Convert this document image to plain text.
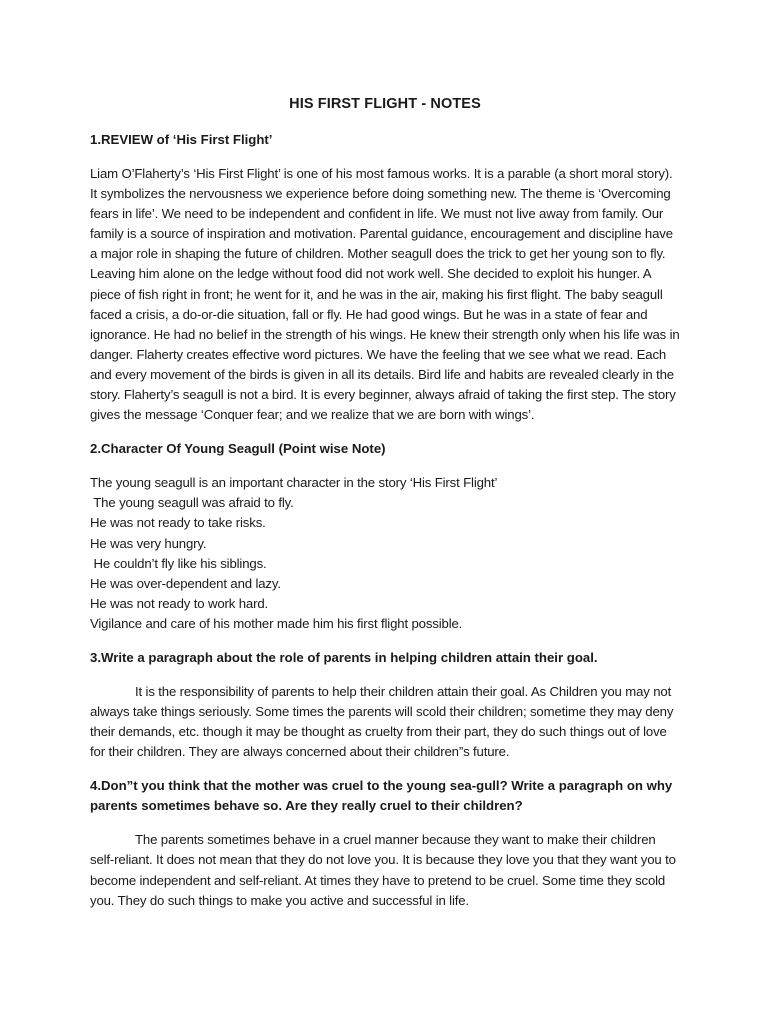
HIS FIRST FLIGHT - NOTES
1.REVIEW of ‘His First Flight’
Liam O’Flaherty’s ‘His First Flight’ is one of his most famous works. It is a parable (a short moral story). It symbolizes the nervousness we experience before doing something new. The theme is ‘Overcoming fears in life’. We need to be independent and confident in life. We must not live away from family. Our family is a source of inspiration and motivation. Parental guidance, encouragement and discipline have a major role in shaping the future of children. Mother seagull does the trick to get her young son to fly. Leaving him alone on the ledge without food did not work well. She decided to exploit his hunger. A piece of fish right in front; he went for it, and he was in the air, making his first flight. The baby seagull faced a crisis, a do-or-die situation, fall or fly. He had good wings. But he was in a state of fear and ignorance. He had no belief in the strength of his wings. He knew their strength only when his life was in danger. Flaherty creates effective word pictures. We have the feeling that we see what we read. Each and every movement of the birds is given in all its details. Bird life and habits are revealed clearly in the story. Flaherty’s seagull is not a bird. It is every beginner, always afraid of taking the first step. The story gives the message ‘Conquer fear; and we realize that we are born with wings’.
2.Character Of Young Seagull (Point wise Note)
The young seagull is an important character in the story ‘His First Flight’
The young seagull was afraid to fly.
He was not ready to take risks.
He was very hungry.
He couldn’t fly like his siblings.
He was over-dependent and lazy.
He was not ready to work hard.
Vigilance and care of his mother made him his first flight possible.
3.Write a paragraph about the role of parents in helping children attain their goal.
It is the responsibility of parents to help their children attain their goal. As Children you may not always take things seriously. Some times the parents will scold their children; sometime they may deny their demands, etc. though it may be thought as cruelty from their part, they do such things out of love for their children. They are always concerned about their children”s future.
4.Don”t you think that the mother was cruel to the young sea-gull? Write a paragraph on why parents sometimes behave so. Are they really cruel to their children?
The parents sometimes behave in a cruel manner because they want to make their children self-reliant. It does not mean that they do not love you. It is because they love you that they want you to become independent and self-reliant. At times they have to pretend to be cruel. Some time they scold you. They do such things to make you active and successful in life.
